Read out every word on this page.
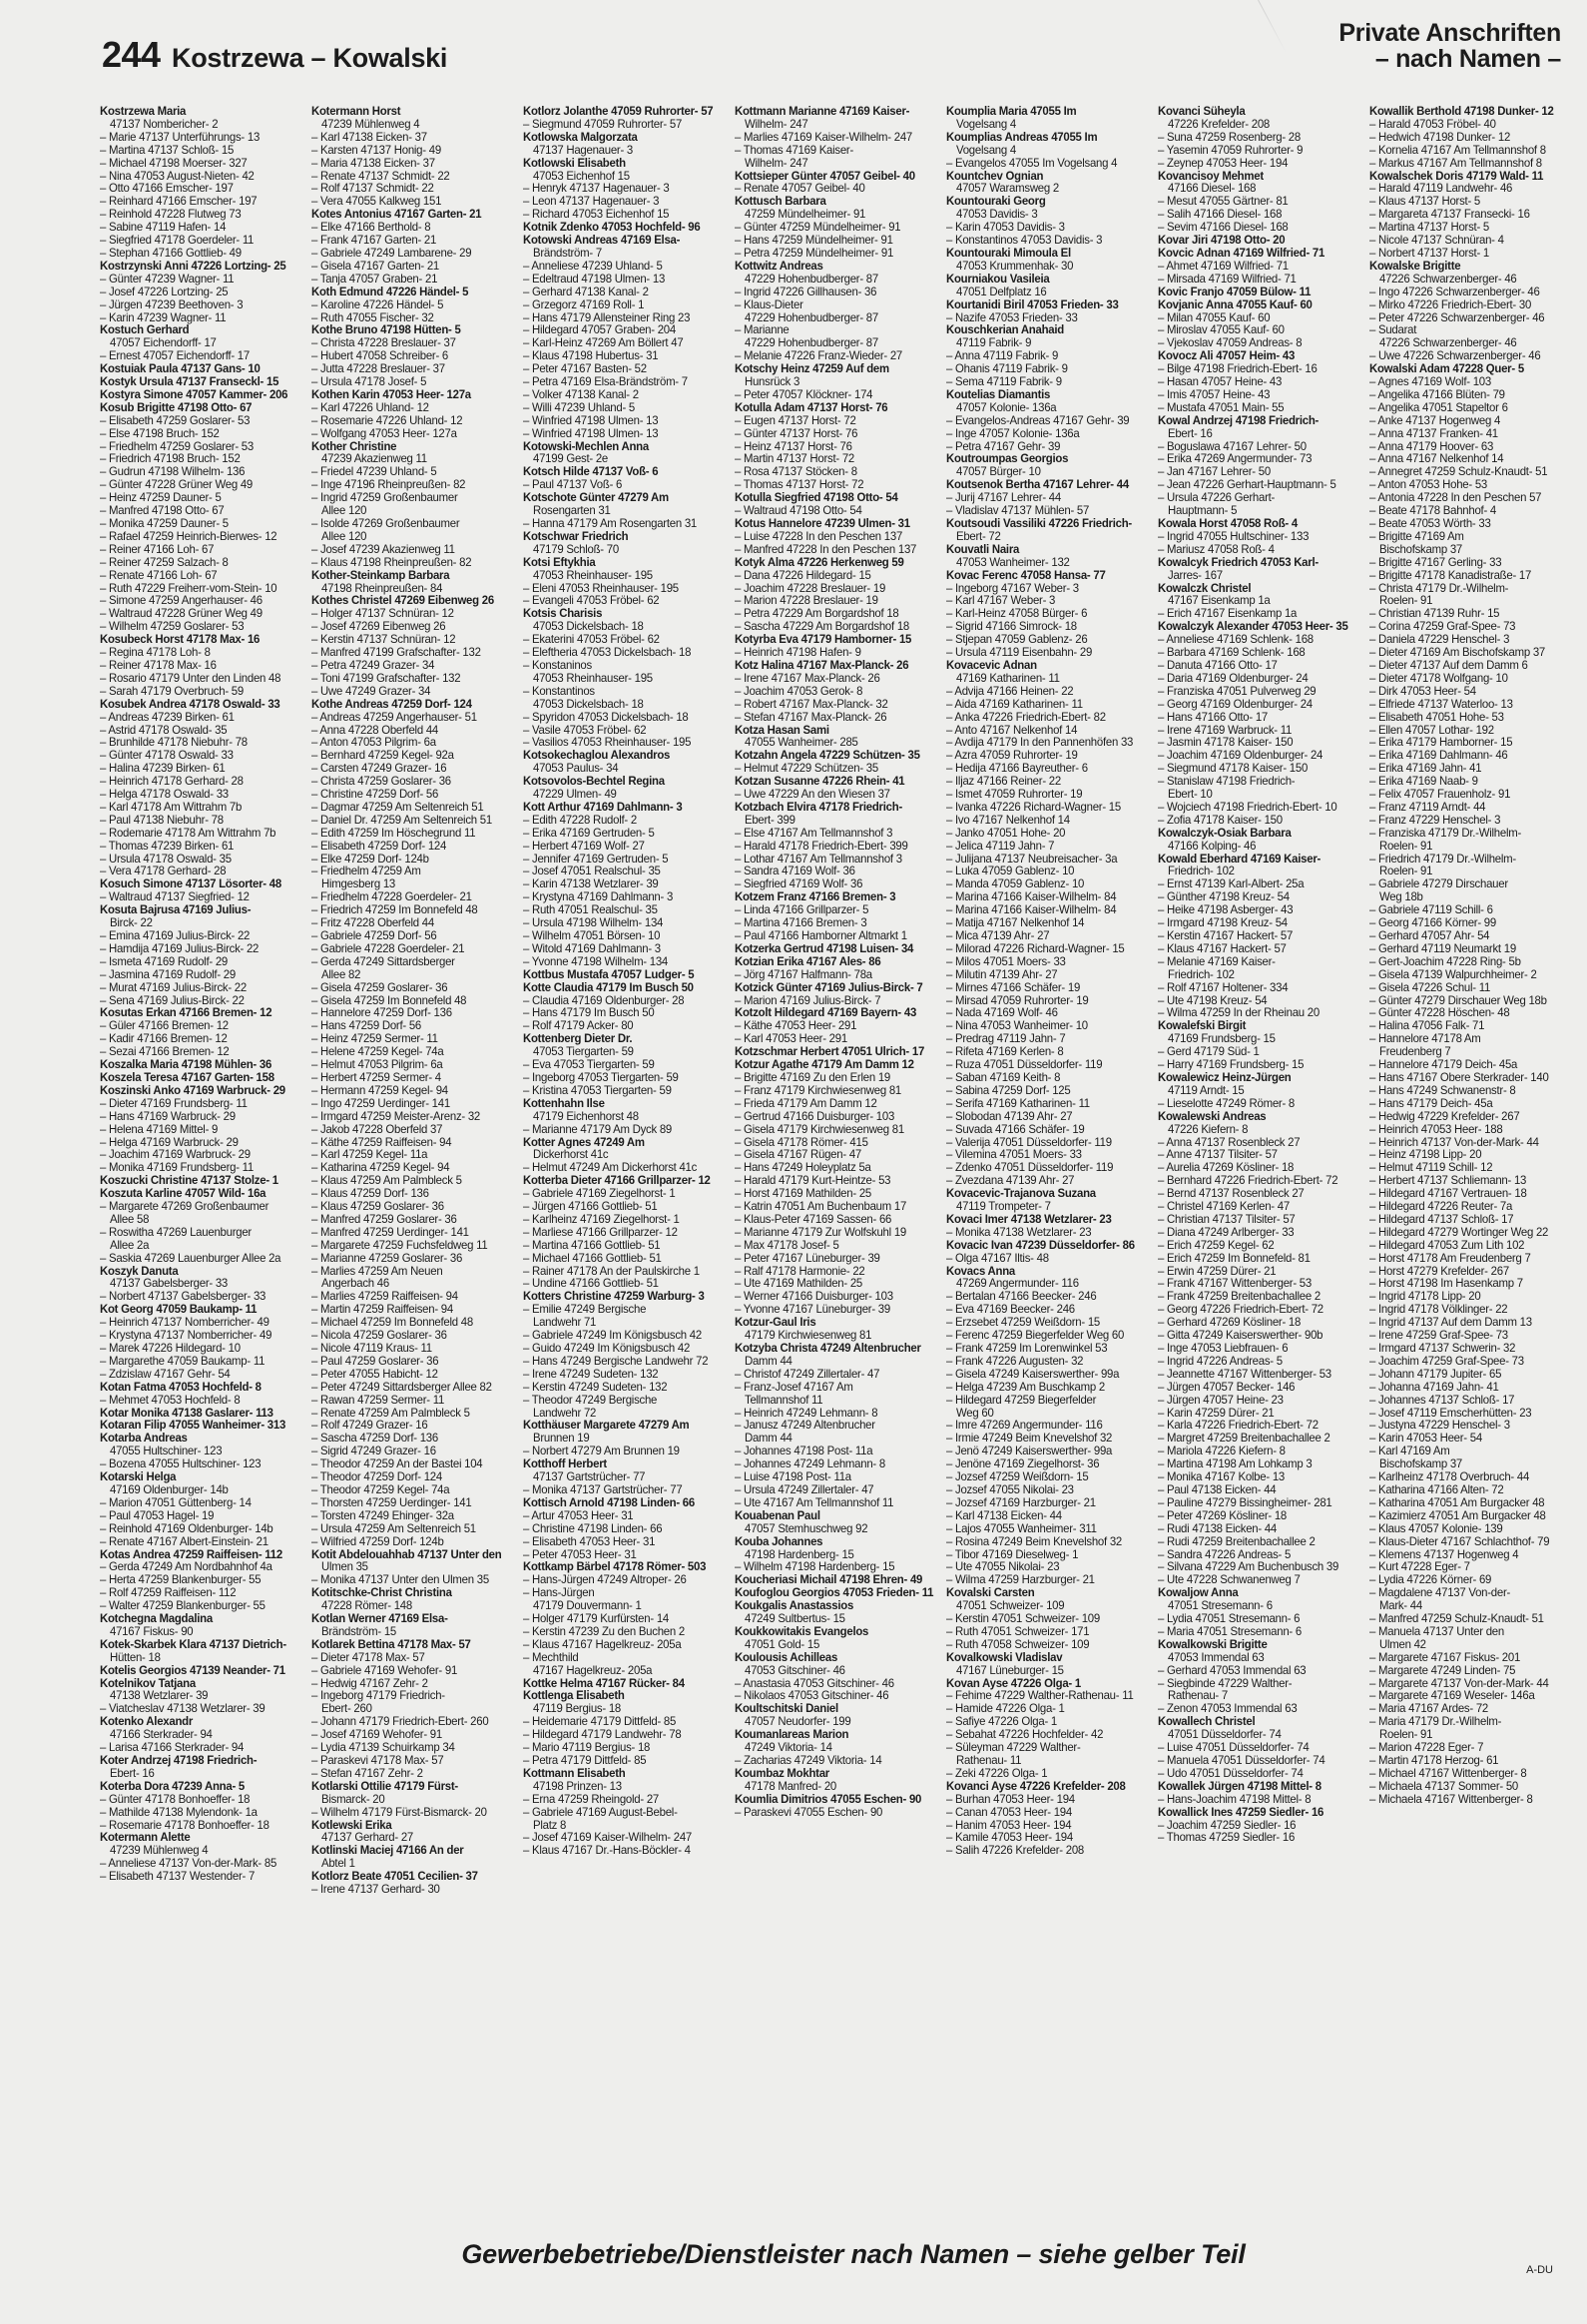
244 Kostrzewa – Kowalski
Private Anschriften
– nach Namen –
Kostrzewa Maria
47137 Nombericher- 2
– Marie 47137 Unterführungs- 13
– Martina 47137 Schloß- 15
– Michael 47198 Moerser- 327
– Nina 47053 August-Nieten- 42
– Otto 47166 Emscher- 197
– Reinhard 47166 Emscher- 197
– Reinhold 47228 Flutweg 73
– Sabine 47119 Hafen- 14
– Siegfried 47178 Goerdeler- 11
– Stephan 47166 Gottlieb- 49
Kostrzynski Anni 47226 Lortzing- 25
– Günter 47239 Wagner- 11
– Josef 47226 Lortzing- 25
– Jürgen 47239 Beethoven- 3
– Karin 47239 Wagner- 11
Kostuch Gerhard
47057 Eichendorff- 17
– Ernest 47057 Eichendorff- 17
Kostuiak Paula 47137 Gans- 10
Kostyk Ursula 47137 Franseckl- 15
Kostyra Simone 47057 Kammer- 206
Kosub Brigitte 47198 Otto- 67
– Elisabeth 47259 Goslarer- 53
– Else 47198 Bruch- 152
– Friedhelm 47259 Goslarer- 53
– Friedrich 47198 Bruch- 152
– Gudrun 47198 Wilhelm- 136
– Günter 47228 Grüner Weg 49
– Heinz 47259 Dauner- 5
– Manfred 47198 Otto- 67
– Monika 47259 Dauner- 5
– Rafael 47259 Heinrich-Bierwes- 12
– Reiner 47166 Loh- 67
– Reiner 47259 Salzach- 8
– Renate 47166 Loh- 67
– Ruth 47229 Freiherr-vom-Stein- 10
– Simone 47259 Angerhauser- 46
– Waltraud 47228 Grüner Weg 49
– Wilhelm 47259 Goslarer- 53
Kosubeck Horst 47178 Max- 16
– Regina 47178 Loh- 8
– Reiner 47178 Max- 16
– Rosario 47179 Unter den Linden 48
– Sarah 47179 Overbruch- 59
Kosubek Andrea 47178 Oswald- 33
– Andreas 47239 Birken- 61
– Astrid 47178 Oswald- 35
– Brunhilde 47178 Niebuhr- 78
– Günter 47178 Oswald- 33
– Halina 47239 Birken- 61
– Heinrich 47178 Gerhard- 28
– Helga 47178 Oswald- 33
– Karl 47178 Am Wittrahm 7b
– Paul 47138 Niebuhr- 78
– Rodemarie 47178 Am Wittrahm 7b
– Thomas 47239 Birken- 61
– Ursula 47178 Oswald- 35
– Vera 47178 Gerhard- 28
Kosuch Simone 47137 Lösorter- 48
– Waltraud 47137 Siegfried- 12
Kosuta Bajrusa 47169 Julius-
Birck- 22
– Emina 47169 Julius-Birck- 22
– Hamdija 47169 Julius-Birck- 22
– Ismeta 47169 Rudolf- 29
– Jasmina 47169 Rudolf- 29
– Murat 47169 Julius-Birck- 22
– Sena 47169 Julius-Birck- 22
Kosutas Erkan 47166 Bremen- 12
– Güler 47166 Bremen- 12
– Kadir 47166 Bremen- 12
– Sezai 47166 Bremen- 12
Koszalka Maria 47198 Mühlen- 36
Koszela Teresa 47167 Garten- 158
Koszinski Anko 47169 Warbruck- 29
– Dieter 47169 Frundsberg- 11
– Hans 47169 Warbruck- 29
– Helena 47169 Mittel- 9
– Helga 47169 Warbruck- 29
– Joachim 47169 Warbruck- 29
– Monika 47169 Frundsberg- 11
Koszucki Christine 47137 Stolze- 1
Koszuta Karline 47057 Wild- 16a
– Margarete 47269 Großenbaumer
Allee 58
– Roswitha 47269 Lauenburger
Allee 2a
– Saskia 47269 Lauenburger Allee 2a
Koszyk Danuta
47137 Gabelsberger- 33
– Norbert 47137 Gabelsberger- 33
Kot Georg 47059 Baukamp- 11
– Heinrich 47137 Nomberricher- 49
– Krystyna 47137 Nomberricher- 49
– Marek 47226 Hildegard- 10
– Margarethe 47059 Baukamp- 11
– Zdzislaw 47167 Gehr- 54
Kotan Fatma 47053 Hochfeld- 8
– Mehmet 47053 Hochfeld- 8
Kotar Monika 47138 Gaslarer- 113
Kotaran Filip 47055 Wanheimer- 313
Kotarba Andreas
47055 Hultschiner- 123
– Bozena 47055 Hultschiner- 123
Kotarski Helga
47169 Oldenburger- 14b
– Marion 47051 Güttenberg- 14
– Paul 47053 Hagel- 19
– Reinhold 47169 Oldenburger- 14b
– Renate 47167 Albert-Einstein- 21
Kotas Andrea 47259 Raiffeisen- 112
– Gerda 47249 Am Nordbahnhof 4a
– Herta 47259 Blankenburger- 55
– Rolf 47259 Raiffeisen- 112
– Walter 47259 Blankenburger- 55
Kotchegna Magdalina
47167 Fiskus- 90
Kotek-Skarbek Klara 47137 Dietrich-
Hütten- 18
Kotelis Georgios 47139 Neander- 71
Kotelnikov Tatjana
47138 Wetzlarer- 39
– Viatcheslav 47138 Wetzlarer- 39
Kotenko Alexandr
47166 Sterkrader- 94
– Larisa 47166 Sterkrader- 94
Koter Andrzej 47198 Friedrich-
Ebert- 16
Koterba Dora 47239 Anna- 5
– Günter 47178 Bonhoeffer- 18
– Mathilde 47138 Mylendonk- 1a
– Rosemarie 47178 Bonhoeffer- 18
Kotermann Alette
47239 Mühlenweg 4
– Anneliese 47137 Von-der-Mark- 85
– Elisabeth 47137 Westender- 7
Kotermann Horst
47239 Mühlenweg 4
– Karl 47138 Eicken- 37
– Karsten 47137 Honig- 49
– Maria 47138 Eicken- 37
– Renate 47137 Schmidt- 22
– Rolf 47137 Schmidt- 22
– Vera 47055 Kalkweg 151
Kotes Antonius 47167 Garten- 21
– Elke 47166 Berthold- 8
– Frank 47167 Garten- 21
– Gabriele 47249 Lambarene- 29
– Gisela 47167 Garten- 21
– Tanja 47057 Graben- 21
Koth Edmund 47226 Händel- 5
– Karoline 47226 Händel- 5
– Ruth 47055 Fischer- 32
Kothe Bruno 47198 Hütten- 5
– Christa 47228 Breslauer- 37
– Hubert 47058 Schreiber- 6
– Jutta 47228 Breslauer- 37
– Ursula 47178 Josef- 5
Kothen Karin 47053 Heer- 127a
– Karl 47226 Uhland- 12
– Rosemarie 47226 Uhland- 12
– Wolfgang 47053 Heer- 127a
Kother Christine
47239 Akazienweg 11
– Friedel 47239 Uhland- 5
– Inge 47196 Rheinpreußen- 82
– Ingrid 47259 Großenbaumer
Allee 120
– Isolde 47269 Großenbaumer
Allee 120
– Josef 47239 Akazienweg 11
– Klaus 47198 Rheinpreußen- 82
Kother-Steinkamp Barbara
47198 Rheinpreußen- 84
Kothes Christel 47269 Eibenweg 26
– Holger 47137 Schnüran- 12
– Josef 47269 Eibenweg 26
– Kerstin 47137 Schnüran- 12
– Manfred 47199 Grafschafter- 132
– Petra 47249 Grazer- 34
– Toni 47199 Grafschafter- 132
– Uwe 47249 Grazer- 34
Kothe Andreas 47259 Dorf- 124
– Andreas 47259 Angerhauser- 51
– Anna 47228 Oberfeld 44
– Anton 47053 Pilgrim- 6a
– Bernhard 47259 Kegel- 92a
– Carsten 47249 Grazer- 16
– Christa 47259 Goslarer- 36
– Christine 47259 Dorf- 56
– Dagmar 47259 Am Seltenreich 51
– Daniel Dr. 47259 Am Seltenreich 51
– Edith 47259 Im Höschegrund 11
– Elisabeth 47259 Dorf- 124
– Elke 47259 Dorf- 124b
– Friedhelm 47259 Am
Himgesberg 13
– Friedhelm 47228 Goerdeler- 21
– Friedrich 47259 Im Bonnefeld 48
– Fritz 47228 Oberfeld 44
– Gabriele 47259 Dorf- 56
– Gabriele 47228 Goerdeler- 21
– Gerda 47249 Sittardsberger
Allee 82
– Gisela 47259 Goslarer- 36
– Gisela 47259 Im Bonnefeld 48
– Hannelore 47259 Dorf- 136
– Hans 47259 Dorf- 56
– Heinz 47259 Sermer- 11
– Helene 47259 Kegel- 74a
– Helmut 47053 Pilgrim- 6a
– Herbert 47259 Sermer- 4
– Hermann 47259 Kegel- 94
– Ingo 47259 Uerdinger- 141
– Irmgard 47259 Meister-Arenz- 32
– Jakob 47228 Oberfeld 37
– Käthe 47259 Raiffeisen- 94
– Karl 47259 Kegel- 11a
– Katharina 47259 Kegel- 94
– Klaus 47259 Am Palmbleck 5
– Klaus 47259 Dorf- 136
– Klaus 47259 Goslarer- 36
– Manfred 47259 Goslarer- 36
– Manfred 47259 Uerdinger- 141
– Margarete 47259 Fuchsfeldweg 11
– Marianne 47259 Goslarer- 36
– Marlies 47259 Am Neuen
Angerbach 46
– Marlies 47259 Raiffeisen- 94
– Martin 47259 Raiffeisen- 94
– Michael 47259 Im Bonnefeld 48
– Nicola 47259 Goslarer- 36
– Nicole 47119 Kraus- 11
– Paul 47259 Goslarer- 36
– Peter 47055 Habicht- 12
– Peter 47249 Sittardsberger Allee 82
– Rawan 47259 Sermer- 11
– Renate 47259 Am Palmbleck 5
– Rolf 47249 Grazer- 16
– Sascha 47259 Dorf- 136
– Sigrid 47249 Grazer- 16
– Theodor 47259 An der Bastei 104
– Theodor 47259 Dorf- 124
– Theodor 47259 Kegel- 74a
– Thorsten 47259 Uerdinger- 141
– Torsten 47249 Ehinger- 32a
– Ursula 47259 Am Seltenreich 51
– Wilfried 47259 Dorf- 124b
Kotit Abdelouahhab 47137 Unter den
Ulmen 35
– Monika 47137 Unter den Ulmen 35
Kotitschke-Christ Christina
47228 Römer- 148
Kotlan Werner 47169 Elsa-
Brändström- 15
Kotlarek Bettina 47178 Max- 57
– Dieter 47178 Max- 57
– Gabriele 47169 Wehofer- 91
– Hedwig 47167 Zehr- 2
– Ingeborg 47179 Friedrich-
Ebert- 260
– Johann 47179 Friedrich-Ebert- 260
– Josef 47169 Wehofer- 91
– Lydia 47139 Schuirkamp 34
– Paraskevi 47178 Max- 57
– Stefan 47167 Zehr- 2
Kotlarski Ottilie 47179 Fürst-
Bismarck- 20
– Wilhelm 47179 Fürst-Bismarck- 20
Kotlewski Erika
47137 Gerhard- 27
Kotlinski Maciej 47166 An der
Abtel 1
Kotlorz Beate 47051 Cecilien- 37
– Irene 47137 Gerhard- 30
Kotlorz Jolanthe 47059 Ruhrorter- 57
– Siegmund 47059 Ruhrorter- 57
Kotlowska Malgorzata
47137 Hagenauer- 3
Kotlowski Elisabeth
47053 Eichenhof 15
– Henryk 47137 Hagenauer- 3
– Leon 47137 Hagenauer- 3
– Richard 47053 Eichenhof 15
Kotnik Zdenko 47053 Hochfeld- 96
Kotowski Andreas 47169 Elsa-
Brändström- 7
– Anneliese 47239 Uhland- 5
– Edeltraud 47198 Ulmen- 13
– Gerhard 47138 Kanal- 2
– Grzegorz 47169 Roll- 1
– Hans 47179 Allensteiner Ring 23
– Hildegard 47057 Graben- 204
– Karl-Heinz 47269 Am Böllert 47
– Klaus 47198 Hubertus- 31
– Peter 47167 Basten- 52
– Petra 47169 Elsa-Brändström- 7
– Volker 47138 Kanal- 2
– Willi 47239 Uhland- 5
– Winfried 47198 Ulmen- 13
– Winfried 47198 Ulmen- 13
Kotowski-Mechlen Anna
47199 Gest- 2e
Kotsch Hilde 47137 Voß- 6
– Paul 47137 Voß- 6
Kotschote Günter 47279 Am
Rosengarten 31
– Hanna 47179 Am Rosengarten 31
Kotschwar Friedrich
47179 Schloß- 70
Kotsi Eftykhia
47053 Rheinhauser- 195
– Eleni 47053 Rheinhauser- 195
– Evangeli 47053 Fröbel- 62
Kotsis Charisis
47053 Dickelsbach- 18
– Ekaterini 47053 Fröbel- 62
– Eleftheria 47053 Dickelsbach- 18
– Konstaninos
47053 Rheinhauser- 195
– Konstantinos
47053 Dickelsbach- 18
– Spyridon 47053 Dickelsbach- 18
– Vasile 47053 Fröbel- 62
– Vasilios 47053 Rheinhauser- 195
Kotsokechaglou Alexandros
47053 Paulus- 34
Kotsovolos-Bechtel Regina
47229 Ulmen- 49
Kott Arthur 47169 Dahlmann- 3
– Edith 47228 Rudolf- 2
– Erika 47169 Gertruden- 5
– Herbert 47169 Wolf- 27
– Jennifer 47169 Gertruden- 5
– Josef 47051 Realschul- 35
– Karin 47138 Wetzlarer- 39
– Krystyna 47169 Dahlmann- 3
– Ruth 47051 Realschul- 35
– Ursula 47198 Wilhelm- 134
– Wilhelm 47051 Börsen- 10
– Witold 47169 Dahlmann- 3
– Yvonne 47198 Wilhelm- 134
Kottbus Mustafa 47057 Ludger- 5
Kotte Claudia 47179 Im Busch 50
– Claudia 47169 Oldenburger- 28
– Hans 47179 Im Busch 50
– Rolf 47179 Acker- 80
Kottenberg Dieter Dr.
47053 Tiergarten- 59
– Eva 47053 Tiergarten- 59
– Ingeborg 47053 Tiergarten- 59
– Kristina 47053 Tiergarten- 59
Kottenhahn Ilse
47179 Eichenhorst 48
– Marianne 47179 Am Dyck 89
Kotter Agnes 47249 Am
Dickerhorst 41c
– Helmut 47249 Am Dickerhorst 41c
Kotterba Dieter 47166 Grillparzer- 12
– Gabriele 47169 Ziegelhorst- 1
– Jürgen 47166 Gottlieb- 51
– Karlheinz 47169 Ziegelhorst- 1
– Marliese 47166 Grillparzer- 12
– Martina 47166 Gottlieb- 51
– Michael 47166 Gottlieb- 51
– Rainer 47178 An der Paulskirche 1
– Undine 47166 Gottlieb- 51
Kotters Christine 47259 Warburg- 3
– Emilie 47249 Bergische
Landwehr 71
– Gabriele 47249 Im Königsbusch 42
– Guido 47249 Im Königsbusch 42
– Hans 47249 Bergische Landwehr 72
– Irene 47249 Sudeten- 132
– Kerstin 47249 Sudeten- 132
– Theodor 47249 Bergische
Landwehr 72
Kotthäuser Margarete 47279 Am
Brunnen 19
– Norbert 47279 Am Brunnen 19
Kotthoff Herbert
47137 Gartstrücher- 77
– Monika 47137 Gartstrücher- 77
Kottisch Arnold 47198 Linden- 66
– Artur 47053 Heer- 31
– Christine 47198 Linden- 66
– Elisabeth 47053 Heer- 31
– Peter 47053 Heer- 31
Kottkamp Bärbel 47178 Römer- 503
– Hans-Jürgen 47249 Altroper- 26
– Hans-Jürgen
47179 Douvermann- 1
– Holger 47179 Kurfürsten- 14
– Kerstin 47239 Zu den Buchen 2
– Klaus 47167 Hagelkreuz- 205a
– Mechthild
47167 Hagelkreuz- 205a
Kottke Helma 47167 Rücker- 84
Kottlenga Elisabeth
47119 Bergius- 18
– Heidemarie 47179 Dittfeld- 85
– Hildegard 47179 Landwehr- 78
– Mario 47119 Bergius- 18
– Petra 47179 Dittfeld- 85
Kottmann Elisabeth
47198 Prinzen- 13
– Erna 47259 Rheingold- 27
– Gabriele 47169 August-Bebel-
Platz 8
– Josef 47169 Kaiser-Wilhelm- 247
– Klaus 47167 Dr.-Hans-Böckler- 4
Kottmann Marianne 47169 Kaiser-
Wilhelm- 247
– Marlies 47169 Kaiser-Wilhelm- 247
– Thomas 47169 Kaiser-
Wilhelm- 247
Kottsieper Günter 47057 Geibel- 40
– Renate 47057 Geibel- 40
Kottusch Barbara
47259 Mündelheimer- 91
– Günter 47259 Mündelheimer- 91
– Hans 47259 Mündelheimer- 91
– Petra 47259 Mündelheimer- 91
Kottwitz Andreas
47229 Hohenbudberger- 87
– Ingrid 47226 Gillhausen- 36
– Klaus-Dieter
47229 Hohenbudberger- 87
– Marianne
47229 Hohenbudberger- 87
– Melanie 47226 Franz-Wieder- 27
Kotschy Heinz 47259 Auf dem
Hunsrück 3
– Peter 47057 Klöckner- 174
Kotulla Adam 47137 Horst- 76
– Eugen 47137 Horst- 72
– Günter 47137 Horst- 76
– Heinz 47137 Horst- 76
– Martin 47137 Horst- 72
– Rosa 47137 Stöcken- 8
– Thomas 47137 Horst- 72
Kotulla Siegfried 47198 Otto- 54
– Waltraud 47198 Otto- 54
Kotus Hannelore 47239 Ulmen- 31
– Luise 47228 In den Peschen 137
– Manfred 47228 In den Peschen 137
Kotyk Alma 47226 Herkenweg 59
– Dana 47226 Hildegard- 15
– Joachim 47228 Breslauer- 19
– Marion 47228 Breslauer- 19
– Petra 47229 Am Borgardshof 18
– Sascha 47229 Am Borgardshof 18
Kotyrba Eva 47179 Hamborner- 15
– Heinrich 47198 Hafen- 9
Kotz Halina 47167 Max-Planck- 26
– Irene 47167 Max-Planck- 26
– Joachim 47053 Gerok- 8
– Robert 47167 Max-Planck- 32
– Stefan 47167 Max-Planck- 26
Kotza Hasan Sami
47055 Wanheimer- 285
Kotzahn Angela 47229 Schützen- 35
– Helmut 47229 Schützen- 35
Kotzan Susanne 47226 Rhein- 41
– Uwe 47229 An den Wiesen 37
Kotzbach Elvira 47178 Friedrich-
Ebert- 399
– Else 47167 Am Tellmannshof 3
– Harald 47178 Friedrich-Ebert- 399
– Lothar 47167 Am Tellmannshof 3
– Sandra 47169 Wolf- 36
– Siegfried 47169 Wolf- 36
Kotzem Franz 47166 Bremen- 3
– Linda 47166 Grillparzer- 5
– Martina 47166 Bremen- 3
– Paul 47166 Hamborner Altmarkt 1
Kotzerka Gertrud 47198 Luisen- 34
Kotzian Erika 47167 Ales- 86
– Jörg 47167 Halfmann- 78a
Kotzick Günter 47169 Julius-Birck- 7
– Marion 47169 Julius-Birck- 7
Kotzolt Hildegard 47169 Bayern- 43
– Käthe 47053 Heer- 291
– Karl 47053 Heer- 291
Kotzschmar Herbert 47051 Ulrich- 17
Kotzur Agathe 47179 Am Damm 12
– Brigitte 47169 Zu den Erlen 19
– Franz 47179 Kirchwiesenweg 81
– Frieda 47179 Am Damm 12
– Gertrud 47166 Duisburger- 103
– Gisela 47179 Kirchwiesenweg 81
– Gisela 47178 Römer- 415
– Gisela 47167 Rügen- 47
– Hans 47249 Holeyplatz 5a
– Harald 47179 Kurt-Heintze- 53
– Horst 47169 Mathilden- 25
– Katrin 47051 Am Buchenbaum 17
– Klaus-Peter 47169 Sassen- 66
– Marianne 47179 Zur Wolfskuhl 19
– Max 47178 Josef- 5
– Peter 47167 Lüneburger- 39
– Ralf 47178 Harmonie- 22
– Ute 47169 Mathilden- 25
– Werner 47166 Duisburger- 103
– Yvonne 47167 Lüneburger- 39
Kotzur-Gaul Iris
47179 Kirchwiesenweg 81
Kotzyba Christa 47249 Altenbrucher
Damm 44
– Christof 47249 Zillertaler- 47
– Franz-Josef 47167 Am
Tellmannshof 11
– Heinrich 47249 Lehmann- 8
– Janusz 47249 Altenbrucher
Damm 44
– Johannes 47198 Post- 11a
– Johannes 47249 Lehmann- 8
– Luise 47198 Post- 11a
– Ursula 47249 Zillertaler- 47
– Ute 47167 Am Tellmannshof 11
Kouabenan Paul
47057 Stemhuschweg 92
Kouba Johannes
47198 Hardenberg- 15
– Wilhelm 47198 Hardenberg- 15
Koucheriasi Michail 47198 Ehren- 49
Koufoglou Georgios 47053 Frieden- 11
Koukgalis Anastassios
47249 Sultbertus- 15
Koukkowitakis Evangelos
47051 Gold- 15
Koulousis Achilleas
47053 Gitschiner- 46
– Anastasia 47053 Gitschiner- 46
– Nikolaos 47053 Gitschiner- 46
Koultschitski Daniel
47057 Neudorfer- 199
Koumanlareas Marion
47249 Viktoria- 14
– Zacharias 47249 Viktoria- 14
Koumbaz Mokhtar
47178 Manfred- 20
Koumlia Dimitrios 47055 Eschen- 90
– Paraskevi 47055 Eschen- 90
Koumplia Maria 47055 Im
Vogelsang 4
Koumplias Andreas 47055 Im
Vogelsang 4
– Evangelos 47055 Im Vogelsang 4
Kountchev Ognian
47057 Waramsweg 2
Kountouraki Georg
47053 Davidis- 3
– Karin 47053 Davidis- 3
– Konstantinos 47053 Davidis- 3
Kountouraki Mimoula El
47053 Krummenhak- 30
Kourniakou Vasileia
47051 Delfplatz 16
Kourtanidi Biril 47053 Frieden- 33
– Nazife 47053 Frieden- 33
Kouschkerian Anahaid
47119 Fabrik- 9
– Anna 47119 Fabrik- 9
– Ohanis 47119 Fabrik- 9
– Sema 47119 Fabrik- 9
Koutelias Diamantis
47057 Kolonie- 136a
– Evangelos-Andreas 47167 Gehr- 39
– Inge 47057 Kolonie- 136a
– Petra 47167 Gehr- 39
Koutroumpas Georgios
47057 Bürger- 10
Koutsenok Bertha 47167 Lehrer- 44
– Jurij 47167 Lehrer- 44
– Vladislav 47137 Mühlen- 57
Koutsoudi Vassiliki 47226 Friedrich-
Ebert- 72
Kouvatli Naira
47053 Wanheimer- 132
Kovac Ferenc 47058 Hansa- 77
– Ingeborg 47167 Weber- 3
– Karl 47167 Weber- 3
– Karl-Heinz 47058 Bürger- 6
– Sigrid 47166 Simrock- 18
– Stjepan 47059 Gablenz- 26
– Ursula 47119 Eisenbahn- 29
Kovacevic Adnan
47169 Katharinen- 11
– Advija 47166 Heinen- 22
– Aida 47169 Katharinen- 11
– Anka 47226 Friedrich-Ebert- 82
– Anto 47167 Nelkenhof 14
– Avdija 47179 In den Pannenhöfen 33
– Azra 47059 Ruhrorter- 19
– Hedija 47166 Bayreuther- 6
– Iljaz 47166 Reiner- 22
– Ismet 47059 Ruhrorter- 19
– Ivanka 47226 Richard-Wagner- 15
– Ivo 47167 Nelkenhof 14
– Janko 47051 Hohe- 20
– Jelica 47119 Jahn- 7
– Julijana 47137 Neubreisacher- 3a
– Luka 47059 Gablenz- 10
– Manda 47059 Gablenz- 10
– Marina 47166 Kaiser-Wilhelm- 84
– Marina 47166 Kaiser-Wilhelm- 84
– Matija 47167 Nelkenhof 14
– Mica 47139 Ahr- 27
– Milorad 47226 Richard-Wagner- 15
– Milos 47051 Moers- 33
– Milutin 47139 Ahr- 27
– Mirnes 47166 Schäfer- 19
– Mirsad 47059 Ruhrorter- 19
– Nada 47169 Wolf- 46
– Nina 47053 Wanheimer- 10
– Predrag 47119 Jahn- 7
– Rifeta 47169 Kerlen- 8
– Ruza 47051 Düsseldorfer- 119
– Saban 47169 Keith- 8
– Sabina 47259 Dorf- 125
– Serifa 47169 Katharinen- 11
– Slobodan 47139 Ahr- 27
– Suvada 47166 Schäfer- 19
– Valerija 47051 Düsseldorfer- 119
– Vilemina 47051 Moers- 33
– Zdenko 47051 Düsseldorfer- 119
– Zvezdana 47139 Ahr- 27
Kovacevic-Trajanova Suzana
47119 Trompeter- 7
Kovaci Imer 47138 Wetzlarer- 23
– Monika 47138 Wetzlarer- 23
Kovacic Ivan 47239 Düsseldorfer- 86
– Olga 47167 Iltis- 48
Kovacs Anna
47269 Angermunder- 116
– Bertalan 47166 Beecker- 246
– Eva 47169 Beecker- 246
– Erzsebet 47259 Weißdorn- 15
– Ferenc 47259 Biegerfelder Weg 60
– Frank 47259 Im Lorenwinkel 53
– Frank 47226 Augusten- 32
– Gisela 47249 Kaiserswerther- 99a
– Helga 47239 Am Buschkamp 2
– Hildegard 47259 Biegerfelder
Weg 60
– Imre 47269 Angermunder- 116
– Irmie 47249 Beim Knevelshof 32
– Jenö 47249 Kaiserswerther- 99a
– Jenöne 47169 Ziegelhorst- 36
– Jozsef 47259 Weißdorn- 15
– Jozsef 47055 Nikolai- 23
– Jozsef 47169 Harzburger- 21
– Karl 47138 Eicken- 44
– Lajos 47055 Wanheimer- 311
– Rosina 47249 Beim Knevelshof 32
– Tibor 47169 Dieselweg- 1
– Ute 47055 Nikolai- 23
– Wilma 47259 Harzburger- 21
Kovalski Carsten
47051 Schweizer- 109
– Kerstin 47051 Schweizer- 109
– Ruth 47051 Schweizer- 171
– Ruth 47058 Schweizer- 109
Kovalkowski Vladislav
47167 Lüneburger- 15
Kovan Ayse 47226 Olga- 1
– Fehime 47229 Walther-Rathenau- 11
– Hamide 47226 Olga- 1
– Safiye 47226 Olga- 1
– Sebahat 47226 Hochfelder- 42
– Süleyman 47229 Walther-
Rathenau- 11
– Zeki 47226 Olga- 1
Kovanci Ayse 47226 Krefelder- 208
– Burhan 47053 Heer- 194
– Canan 47053 Heer- 194
– Hanim 47053 Heer- 194
– Kamile 47053 Heer- 194
– Salih 47226 Krefelder- 208
Kovanci Süheyla
47226 Krefelder- 208
– Suna 47259 Rosenberg- 28
– Yasemin 47059 Ruhrorter- 9
– Zeynep 47053 Heer- 194
Kovancisoy Mehmet
47166 Diesel- 168
– Mesut 47055 Gärtner- 81
– Salih 47166 Diesel- 168
– Sevim 47166 Diesel- 168
Kovar Jiri 47198 Otto- 20
Kovcic Adnan 47169 Wilfried- 71
– Ahmet 47169 Wilfried- 71
– Mirsada 47169 Wilfried- 71
Kovic Franjo 47059 Bülow- 11
Kovjanic Anna 47055 Kauf- 60
– Milan 47055 Kauf- 60
– Miroslav 47055 Kauf- 60
– Vjekoslav 47059 Andreas- 8
Kovocz Ali 47057 Heim- 43
– Bilge 47198 Friedrich-Ebert- 16
– Hasan 47057 Heine- 43
– Imis 47057 Heine- 43
– Mustafa 47051 Main- 55
Kowal Andrzej 47198 Friedrich-
Ebert- 16
– Boguslawa 47167 Lehrer- 50
– Erika 47269 Angermunder- 73
– Jan 47167 Lehrer- 50
– Jean 47226 Gerhart-Hauptmann- 5
– Ursula 47226 Gerhart-
Hauptmann- 5
Kowala Horst 47058 Roß- 4
– Ingrid 47055 Hultschiner- 133
– Mariusz 47058 Roß- 4
Kowalcyk Friedrich 47053 Karl-
Jarres- 167
Kowalczk Christel
47167 Eisenkamp 1a
– Erich 47167 Eisenkamp 1a
Kowalczyk Alexander 47053 Heer- 35
– Anneliese 47169 Schlenk- 168
– Barbara 47169 Schlenk- 168
– Danuta 47166 Otto- 17
– Daria 47169 Oldenburger- 24
– Franziska 47051 Pulverweg 29
– Georg 47169 Oldenburger- 24
– Hans 47166 Otto- 17
– Irene 47169 Warbruck- 11
– Jasmin 47178 Kaiser- 150
– Joachim 47169 Oldenburger- 24
– Siegmund 47178 Kaiser- 150
– Stanislaw 47198 Friedrich-
Ebert- 10
– Wojciech 47198 Friedrich-Ebert- 10
– Zofia 47178 Kaiser- 150
Kowalczyk-Osiak Barbara
47166 Kolping- 46
Kowald Eberhard 47169 Kaiser-
Friedrich- 102
– Ernst 47139 Karl-Albert- 25a
– Günther 47198 Kreuz- 54
– Heike 47198 Asberger- 43
– Irmgard 47198 Kreuz- 54
– Kerstin 47167 Hackert- 57
– Klaus 47167 Hackert- 57
– Melanie 47169 Kaiser-
Friedrich- 102
– Rolf 47167 Holtener- 334
– Ute 47198 Kreuz- 54
– Wilma 47259 In der Rheinau 20
Kowalefski Birgit
47169 Frundsberg- 15
– Gerd 47179 Süd- 1
– Harry 47169 Frundsberg- 15
Kowalewicz Heinz-Jürgen
47119 Arndt- 15
– Lieselotte 47249 Römer- 8
Kowalewski Andreas
47226 Kiefern- 8
– Anna 47137 Rosenbleck 27
– Anne 47137 Tilsiter- 57
– Aurelia 47269 Kösliner- 18
– Bernhard 47226 Friedrich-Ebert- 72
– Bernd 47137 Rosenbleck 27
– Christel 47169 Kerlen- 47
– Christian 47137 Tilsiter- 57
– Diana 47249 Arlberger- 33
– Erich 47259 Kegel- 62
– Erich 47259 Im Bonnefeld- 81
– Erwin 47259 Dürer- 21
– Frank 47167 Wittenberger- 53
– Frank 47259 Breitenbachallee 2
– Georg 47226 Friedrich-Ebert- 72
– Gerhard 47269 Kösliner- 18
– Gitta 47249 Kaiserswerther- 90b
– Inge 47053 Liebfrauen- 6
– Ingrid 47226 Andreas- 5
– Jeannette 47167 Wittenberger- 53
– Jürgen 47057 Becker- 146
– Jürgen 47057 Heine- 23
– Karin 47259 Dürer- 21
– Karla 47226 Friedrich-Ebert- 72
– Margret 47259 Breitenbachallee 2
– Mariola 47226 Kiefern- 8
– Martina 47198 Am Lohkamp 3
– Monika 47167 Kolbe- 13
– Paul 47138 Eicken- 44
– Pauline 47279 Bissingheimer- 281
– Peter 47269 Kösliner- 18
– Rudi 47138 Eicken- 44
– Rudi 47259 Breitenbachallee 2
– Sandra 47226 Andreas- 5
– Silvana 47229 Am Buchenbusch 39
– Ute 47228 Schwanenweg 7
Kowaljow Anna
47051 Stresemann- 6
– Lydia 47051 Stresemann- 6
– Maria 47051 Stresemann- 6
Kowalkowski Brigitte
47053 Immendal 63
– Gerhard 47053 Immendal 63
– Siegbinde 47229 Walther-
Rathenau- 7
– Zenon 47053 Immendal 63
Kowallech Christel
47051 Düsseldorfer- 74
– Luise 47051 Düsseldorfer- 74
– Manuela 47051 Düsseldorfer- 74
– Udo 47051 Düsseldorfer- 74
Kowallek Jürgen 47198 Mittel- 8
– Hans-Joachim 47198 Mittel- 8
Kowallick Ines 47259 Siedler- 16
– Joachim 47259 Siedler- 16
– Thomas 47259 Siedler- 16
Kowallik Berthold 47198 Dunker- 12
– Harald 47053 Fröbel- 40
– Hedwich 47198 Dunker- 12
– Kornelia 47167 Am Tellmannshof 8
– Markus 47167 Am Tellmannshof 8
Kowalschek Doris 47179 Wald- 11
– Harald 47119 Landwehr- 46
– Klaus 47137 Horst- 5
– Margareta 47137 Fransecki- 16
– Martina 47137 Horst- 5
– Nicole 47137 Schnüran- 4
– Norbert 47137 Horst- 1
Kowalske Brigitte
47226 Schwarzenberger- 46
– Ingo 47226 Schwarzenberger- 46
– Mirko 47226 Friedrich-Ebert- 30
– Peter 47226 Schwarzenberger- 46
– Sudarat
47226 Schwarzenberger- 46
– Uwe 47226 Schwarzenberger- 46
Kowalski Adam 47228 Quer- 5
– Agnes 47169 Wolf- 103
– Angelika 47166 Blüten- 79
– Angelika 47051 Stapeltor 6
– Anke 47137 Hogenweg 4
– Anna 47137 Franken- 41
– Anna 47179 Hoover- 63
– Anna 47167 Nelkenhof 14
– Annegret 47259 Schulz-Knaudt- 51
– Anton 47053 Hohe- 53
– Antonia 47228 In den Peschen 57
– Beate 47178 Bahnhof- 4
– Beate 47053 Wörth- 33
– Brigitte 47169 Am
Bischofskamp 37
– Brigitte 47167 Gerling- 33
– Brigitte 47178 Kanadistraße- 17
– Christa 47179 Dr.-Wilhelm-
Roelen- 91
– Christian 47139 Ruhr- 15
– Corina 47259 Graf-Spee- 73
– Daniela 47229 Henschel- 3
– Dieter 47169 Am Bischofskamp 37
– Dieter 47137 Auf dem Damm 6
– Dieter 47178 Wolfgang- 10
– Dirk 47053 Heer- 54
– Elfriede 47137 Waterloo- 13
– Elisabeth 47051 Hohe- 53
– Ellen 47057 Lothar- 192
– Erika 47179 Hamborner- 15
– Erika 47169 Dahlmann- 46
– Erika 47169 Jahn- 41
– Erika 47169 Naab- 9
– Felix 47057 Frauenholz- 91
– Franz 47119 Arndt- 44
– Franz 47229 Henschel- 3
– Franziska 47179 Dr.-Wilhelm-
Roelen- 91
– Friedrich 47179 Dr.-Wilhelm-
Roelen- 91
– Gabriele 47279 Dirschauer
Weg 18b
– Gabriele 47119 Schill- 6
– Georg 47166 Körner- 99
– Gerhard 47057 Ahr- 54
– Gerhard 47119 Neumarkt 19
– Gert-Joachim 47228 Ring- 5b
– Gisela 47139 Walpurchheimer- 2
– Gisela 47226 Schul- 11
– Günter 47279 Dirschauer Weg 18b
– Günter 47228 Höschen- 48
– Halina 47056 Falk- 71
– Hannelore 47178 Am
Freudenberg 7
– Hannelore 47179 Deich- 45a
– Hans 47167 Obere Sterkrader- 140
– Hans 47249 Schwanenstr- 8
– Hans 47179 Deich- 45a
– Hedwig 47229 Krefelder- 267
– Heinrich 47053 Heer- 188
– Heinrich 47137 Von-der-Mark- 44
– Heinz 47198 Lipp- 20
– Helmut 47119 Schill- 12
– Herbert 47137 Schliemann- 13
– Hildegard 47167 Vertrauen- 18
– Hildegard 47226 Reuter- 7a
– Hildegard 47137 Schloß- 17
– Hildegard 47279 Wortinger Weg 22
– Hildegard 47053 Zum Lith 102
– Horst 47178 Am Freudenberg 7
– Horst 47279 Krefelder- 267
– Horst 47198 Im Hasenkamp 7
– Ingrid 47178 Lipp- 20
– Ingrid 47178 Völklinger- 22
– Ingrid 47137 Auf dem Damm 13
– Irene 47259 Graf-Spee- 73
– Irmgard 47137 Schwerin- 32
– Joachim 47259 Graf-Spee- 73
– Johann 47179 Jupiter- 65
– Johanna 47169 Jahn- 41
– Johannes 47137 Schloß- 17
– Josef 47119 Emscherhütten- 23
– Justyna 47229 Henschel- 3
– Karin 47053 Heer- 54
– Karl 47169 Am
Bischofskamp 37
– Karlheinz 47178 Overbruch- 44
– Katharina 47166 Alten- 72
– Katharina 47051 Am Burgacker 48
– Kazimierz 47051 Am Burgacker 48
– Klaus 47057 Kolonie- 139
– Klaus-Dieter 47167 Schlachthof- 79
– Klemens 47137 Hogenweg 4
– Kurt 47228 Eger- 7
– Lydia 47226 Körner- 69
– Magdalene 47137 Von-der-
Mark- 44
– Manfred 47259 Schulz-Knaudt- 51
– Manuela 47137 Unter den
Ulmen 42
– Margarete 47167 Fiskus- 201
– Margarete 47249 Linden- 75
– Margarete 47137 Von-der-Mark- 44
– Margarete 47169 Weseler- 146a
– Maria 47167 Ardes- 72
– Maria 47179 Dr.-Wilhelm-
Roelen- 91
– Marion 47228 Eger- 7
– Martin 47178 Herzog- 61
– Michael 47167 Wittenberger- 8
– Michaela 47137 Sommer- 50
– Michaela 47167 Wittenberger- 8
Gewerbebetriebe/Dienstleister nach Namen – siehe gelber Teil
A-DU
